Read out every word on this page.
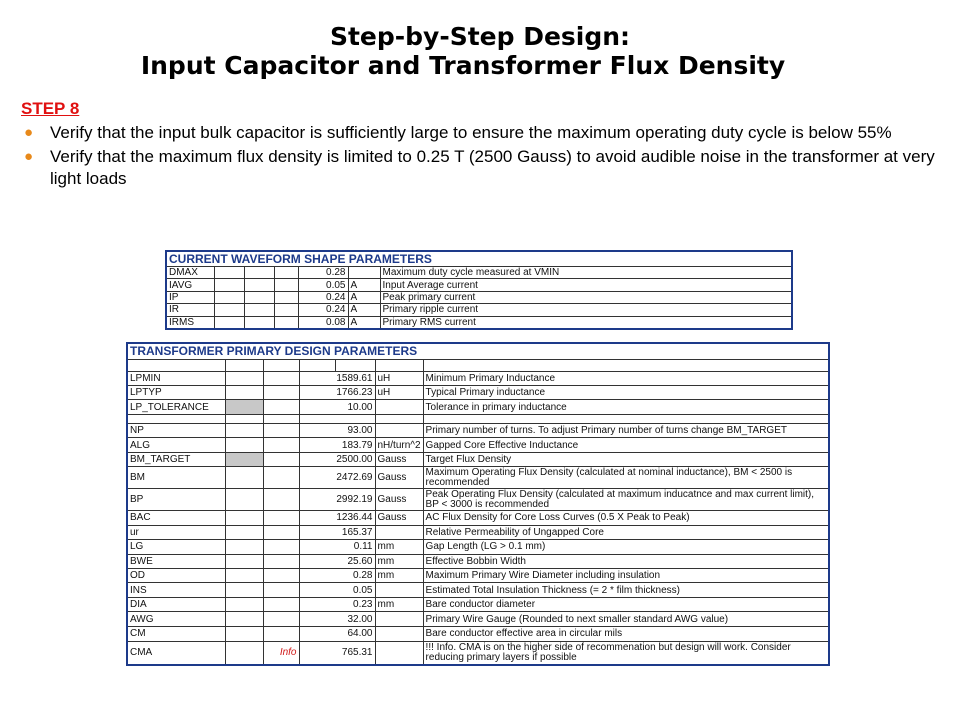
Step-by-Step Design:
Input Capacitor and Transformer Flux Density
STEP 8
● Verify that the input bulk capacitor is sufficiently large to ensure the maximum operating duty cycle is below 55%
● Verify that the maximum flux density is limited to 0.25 T (2500 Gauss) to avoid audible noise in the transformer at very light loads
CURRENT WAVEFORM SHAPE PARAMETERS						
DMAX				0.28		Maximum duty cycle measured at VMIN
IAVG				0.05	A	Input Average current
IP				0.24	A	Peak primary current
IR				0.24	A	Primary ripple current
IRMS				0.08	A	Primary RMS current
TRANSFORMER PRIMARY DESIGN PARAMETERS						

LPMIN			1589.61		uH	Minimum Primary Inductance
LPTYP			1766.23		uH	Typical Primary inductance
LP_TOLERANCE			10.00			Tolerance in primary inductance

NP			93.00			Primary number of turns. To adjust Primary number of turns change BM_TARGET
ALG			183.79		nH/turn^2	Gapped Core Effective Inductance
BM_TARGET			2500.00		Gauss	Target Flux Density
BM			2472.69		Gauss	Maximum Operating Flux Density (calculated at nominal inductance), BM < 2500 is recommended
BP			2992.19		Gauss	Peak Operating Flux Density (calculated at maximum inducatnce and max current limit), BP < 3000 is recommended
BAC			1236.44		Gauss	AC Flux Density for Core Loss Curves (0.5 X Peak to Peak)
ur			165.37			Relative Permeability of Ungapped Core
LG			0.11		mm	Gap Length (LG > 0.1 mm)
BWE			25.60		mm	Effective Bobbin Width
OD			0.28		mm	Maximum Primary Wire Diameter including insulation
INS			0.05			Estimated Total Insulation Thickness (= 2 * film thickness)
DIA			0.23		mm	Bare conductor diameter
AWG			32.00			Primary Wire Gauge (Rounded to next smaller standard AWG value)
CM			64.00			Bare conductor effective area in circular mils
CMA		Info	765.31			!!! Info. CMA is on the higher side of recommenation but design will work. Consider reducing primary layers if possible
